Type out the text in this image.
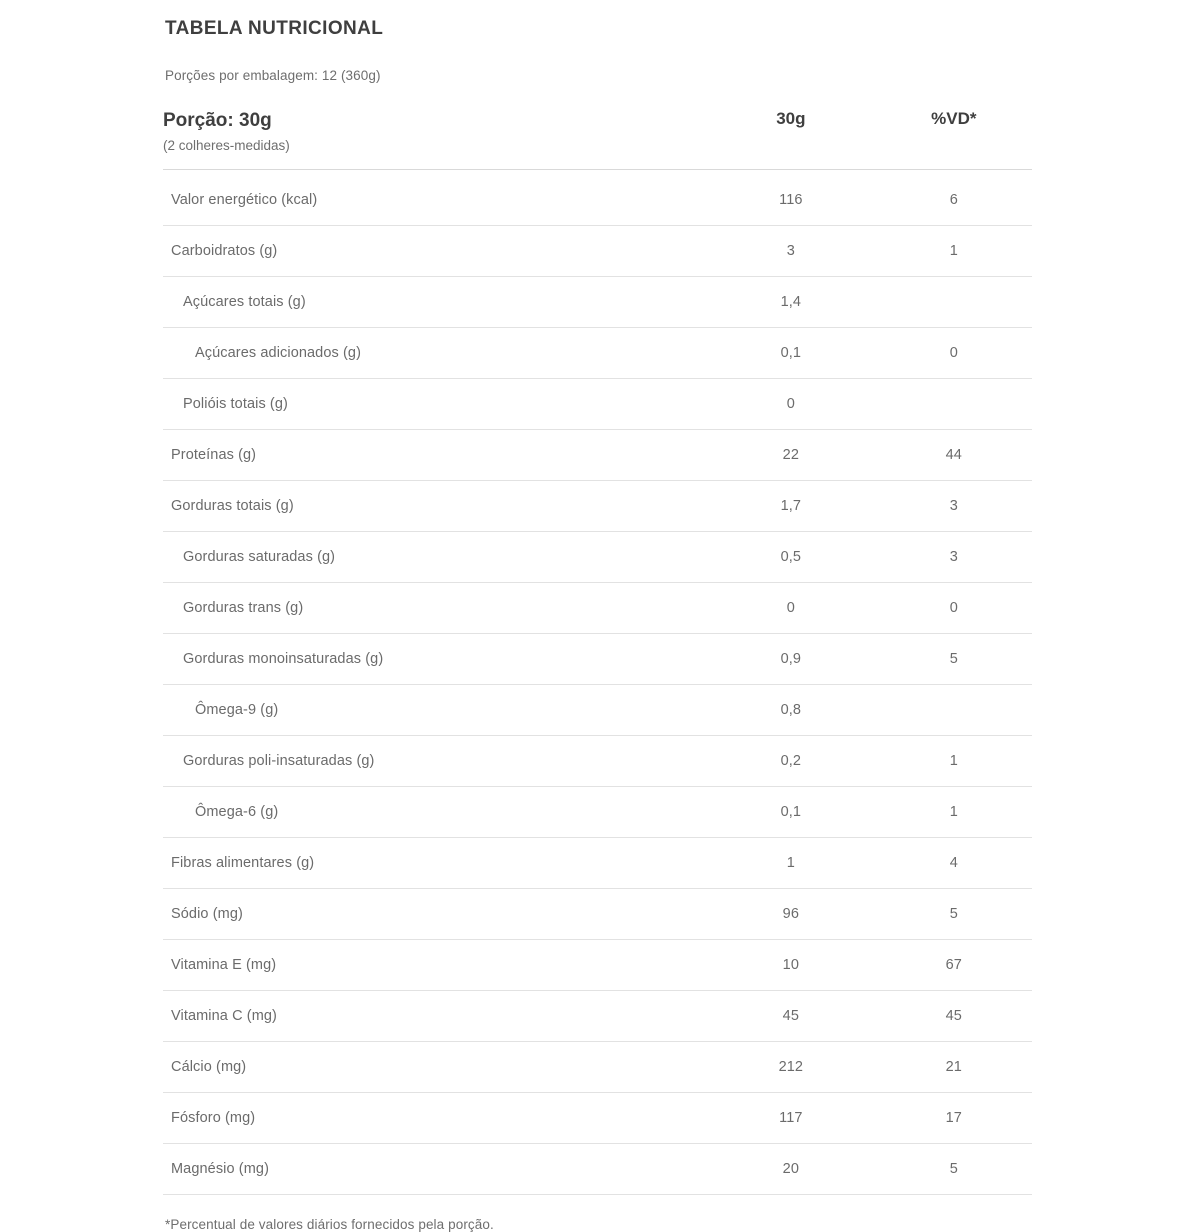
TABELA NUTRICIONAL

Porções por embalagem: 12 (360g)

Porção: 30g
(2 colheres-medidas)	30g	%VD*
Valor energético (kcal)	116	6
Carboidratos (g)	3	1
Açúcares totais (g)	1,4	
Açúcares adicionados (g)	0,1	0
Polióis totais (g)	0	
Proteínas (g)	22	44
Gorduras totais (g)	1,7	3
Gorduras saturadas (g)	0,5	3
Gorduras trans (g)	0	0
Gorduras monoinsaturadas (g)	0,9	5
Ômega-9 (g)	0,8	
Gorduras poli-insaturadas (g)	0,2	1
Ômega-6 (g)	0,1	1
Fibras alimentares (g)	1	4
Sódio (mg)	96	5
Vitamina E (mg)	10	67
Vitamina C (mg)	45	45
Cálcio (mg)	212	21
Fósforo (mg)	117	17
Magnésio (mg)	20	5

*Percentual de valores diários fornecidos pela porção.
